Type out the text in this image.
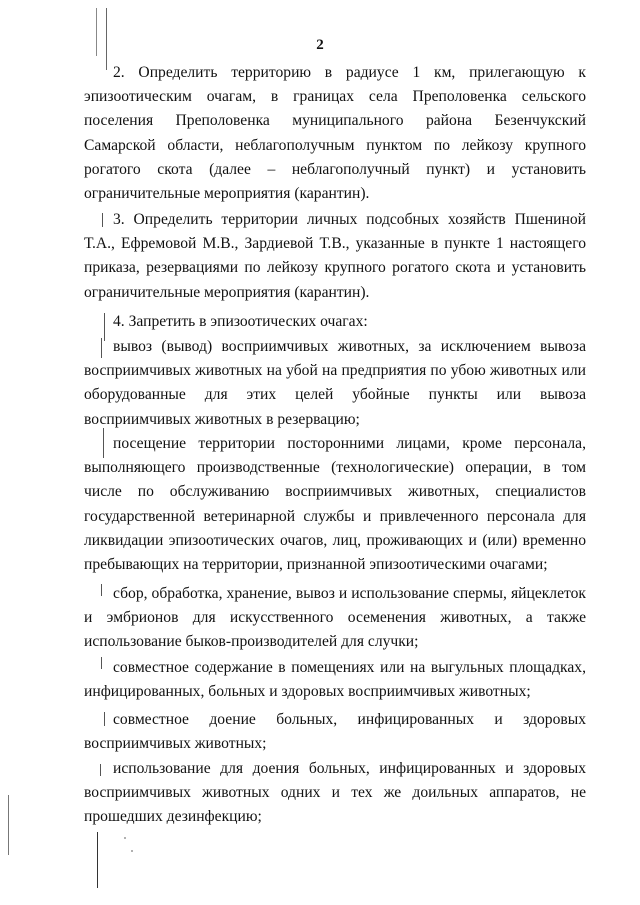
2
2. Определить территорию в радиусе 1 км, прилегающую к эпизоотическим очагам, в границах села Преполовенка сельского поселения Преполовенка муниципального района Безенчукский Самарской области, неблагополучным пунктом по лейкозу крупного рогатого скота (далее – неблагополучный пункт) и установить ограничительные мероприятия (карантин).
3. Определить территории личных подсобных хозяйств Пшениной Т.А., Ефремовой М.В., Зардиевой Т.В., указанные в пункте 1 настоящего приказа, резервациями по лейкозу крупного рогатого скота и установить ограничительные мероприятия (карантин).
4. Запретить в эпизоотических очагах:
вывоз (вывод) восприимчивых животных, за исключением вывоза восприимчивых животных на убой на предприятия по убою животных или оборудованные для этих целей убойные пункты или вывоза восприимчивых животных в резервацию;
посещение территории посторонними лицами, кроме персонала, выполняющего производственные (технологические) операции, в том числе по обслуживанию восприимчивых животных, специалистов государственной ветеринарной службы и привлеченного персонала для ликвидации эпизоотических очагов, лиц, проживающих и (или) временно пребывающих на территории, признанной эпизоотическими очагами;
сбор, обработка, хранение, вывоз и использование спермы, яйцеклеток и эмбрионов для искусственного осеменения животных, а также использование быков-производителей для случки;
совместное содержание в помещениях или на выгульных площадках, инфицированных, больных и здоровых восприимчивых животных;
совместное доение больных, инфицированных и здоровых восприимчивых животных;
использование для доения больных, инфицированных и здоровых восприимчивых животных одних и тех же доильных аппаратов, не прошедших дезинфекцию;
